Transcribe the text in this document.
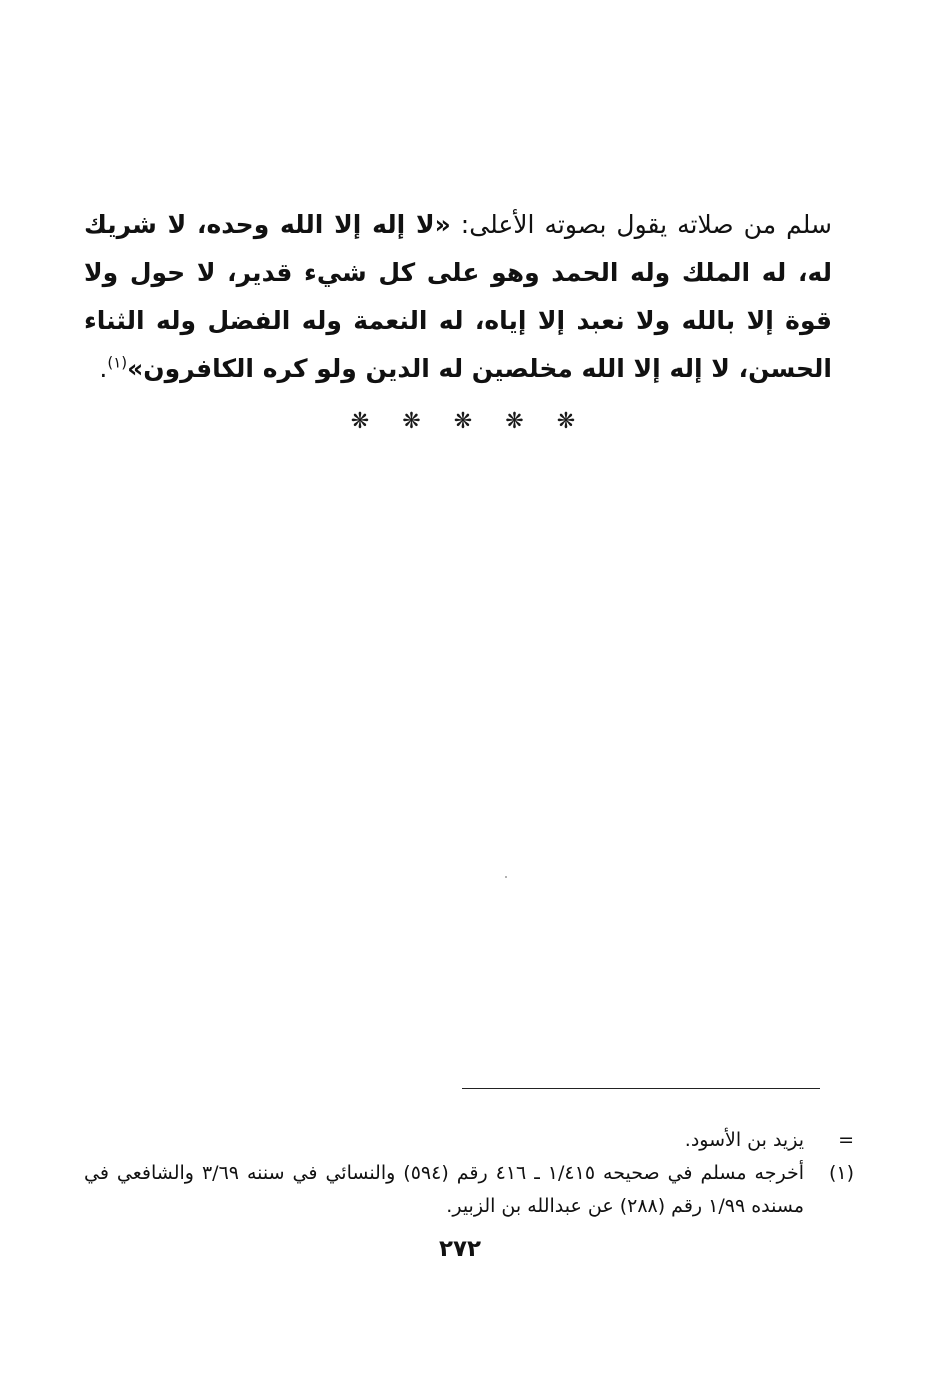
سلم من صلاته يقول بصوته الأعلى: «لا إله إلا الله وحده، لا شريك له، له الملك وله الحمد وهو على كل شيء قدير، لا حول ولا قوة إلا بالله ولا نعبد إلا إياه، له النعمة وله الفضل وله الثناء الحسن، لا إله إلا الله مخلصين له الدين ولو كره الكافرون»$^{(١)}$.

❋ ❋ ❋ ❋ ❋
=
يزيد بن الأسود.
(١)
أخرجه مسلم في صحيحه ١/٤١٥ ـ ٤١٦ رقم (٥٩٤) والنسائي في سننه ٣/٦٩ والشافعي في مسنده ١/٩٩ رقم (٢٨٨) عن عبدالله بن الزبير.
٢٧٢
